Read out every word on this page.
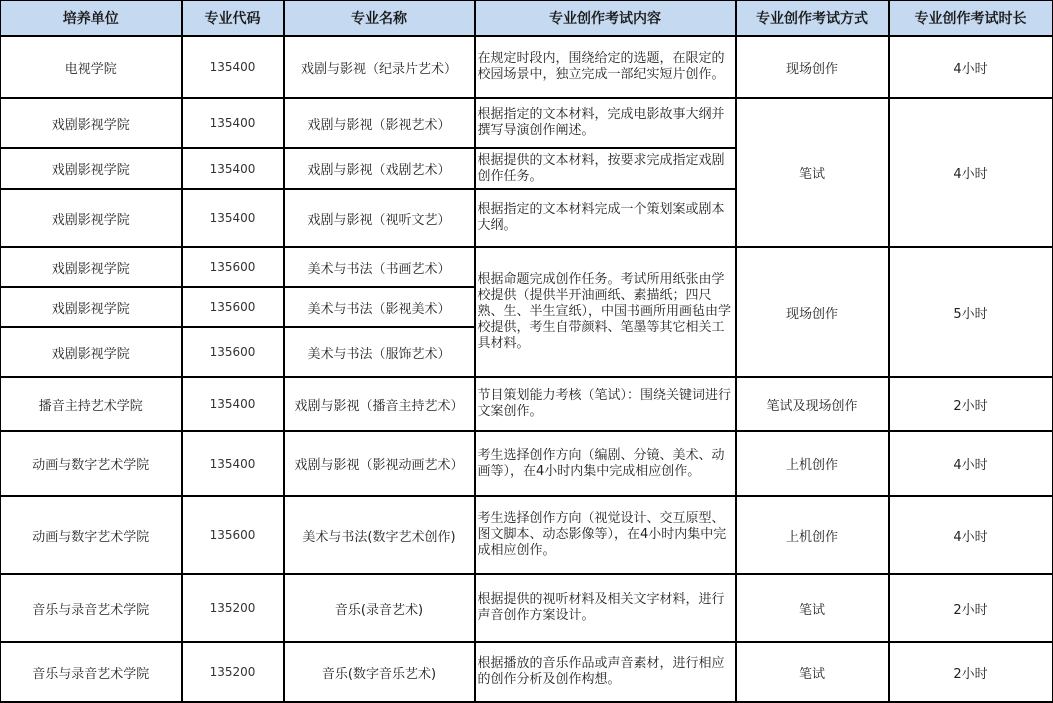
培养单位	专业代码	专业名称	专业创作考试内容	专业创作考试方式	专业创作考试时长
电视学院	135400	戏剧与影视（纪录片艺术）	在规定时段内，围绕给定的选题，在限定的校园场景中，独立完成一部纪实短片创作。	现场创作	4小时
戏剧影视学院	135400	戏剧与影视（影视艺术）	根据指定的文本材料，完成电影故事大纲并撰写导演创作阐述。	笔试	4小时
戏剧影视学院	135400	戏剧与影视（戏剧艺术）	根据提供的文本材料，按要求完成指定戏剧创作任务。		
戏剧影视学院	135400	戏剧与影视（视听文艺）	根据指定的文本材料完成一个策划案或剧本大纲。		
戏剧影视学院	135600	美术与书法（书画艺术）	根据命题完成创作任务。考试所用纸张由学校提供（提供半开油画纸、素描纸；四尺熟、生、半生宣纸），中国书画所用画毡由学校提供，考生自带颜料、笔墨等其它相关工具材料。	现场创作	5小时
戏剧影视学院	135600	美术与书法（影视美术）			
戏剧影视学院	135600	美术与书法（服饰艺术）			
播音主持艺术学院	135400	戏剧与影视（播音主持艺术）	节目策划能力考核（笔试）：围绕关键词进行文案创作。	笔试及现场创作	2小时
动画与数字艺术学院	135400	戏剧与影视（影视动画艺术）	考生选择创作方向（编剧、分镜、美术、动画等），在4小时内集中完成相应创作。	上机创作	4小时
动画与数字艺术学院	135600	美术与书法(数字艺术创作)	考生选择创作方向（视觉设计、交互原型、图文脚本、动态影像等），在4小时内集中完成相应创作。	上机创作	4小时
音乐与录音艺术学院	135200	音乐(录音艺术)	根据提供的视听材料及相关文字材料，进行声音创作方案设计。	笔试	2小时
音乐与录音艺术学院	135200	音乐(数字音乐艺术)	根据播放的音乐作品或声音素材，进行相应的创作分析及创作构想。	笔试	2小时
